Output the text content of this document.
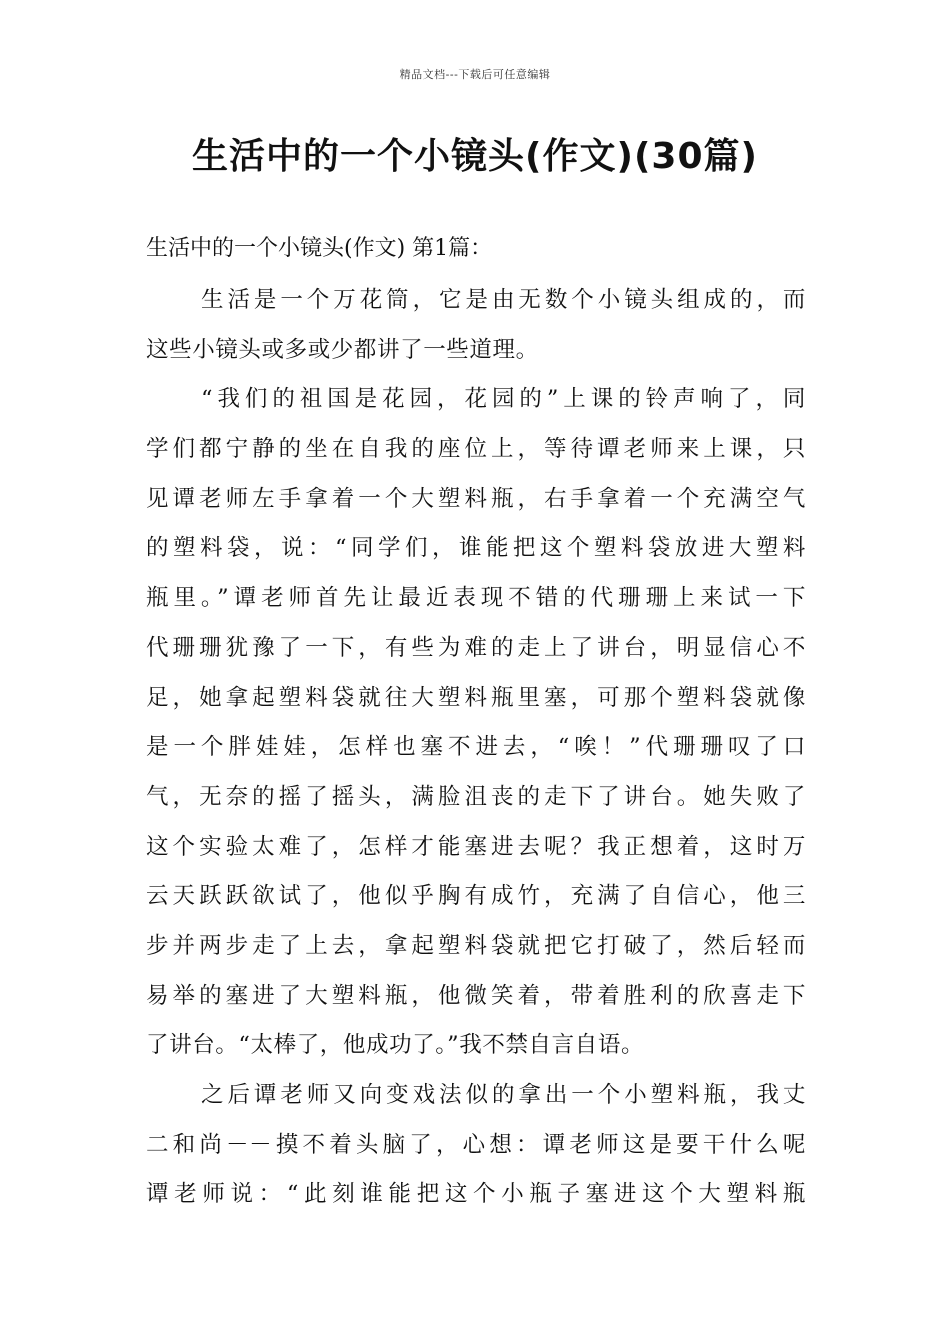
精品文档---下载后可任意编辑
生活中的一个小镜头(作文)(30篇)

生活中的一个小镜头(作文) 第1篇：

生活是一个万花筒，它是由无数个小镜头组成的，而
这些小镜头或多或少都讲了一些道理。
“我们的祖国是花园，花园的”上课的铃声响了，同
学们都宁静的坐在自我的座位上，等待谭老师来上课，只
见谭老师左手拿着一个大塑料瓶，右手拿着一个充满空气
的塑料袋，说：“同学们，谁能把这个塑料袋放进大塑料
瓶里。”谭老师首先让最近表现不错的代珊珊上来试一下
代珊珊犹豫了一下，有些为难的走上了讲台，明显信心不
足，她拿起塑料袋就往大塑料瓶里塞，可那个塑料袋就像
是一个胖娃娃，怎样也塞不进去，“唉！”代珊珊叹了口
气，无奈的摇了摇头，满脸沮丧的走下了讲台。她失败了
这个实验太难了，怎样才能塞进去呢？我正想着，这时万
云天跃跃欲试了，他似乎胸有成竹，充满了自信心，他三
步并两步走了上去，拿起塑料袋就把它打破了，然后轻而
易举的塞进了大塑料瓶，他微笑着，带着胜利的欣喜走下
了讲台。“太棒了，他成功了。”我不禁自言自语。
之后谭老师又向变戏法似的拿出一个小塑料瓶，我丈
二和尚－－摸不着头脑了，心想：谭老师这是要干什么呢
谭老师说：“此刻谁能把这个小瓶子塞进这个大塑料瓶
